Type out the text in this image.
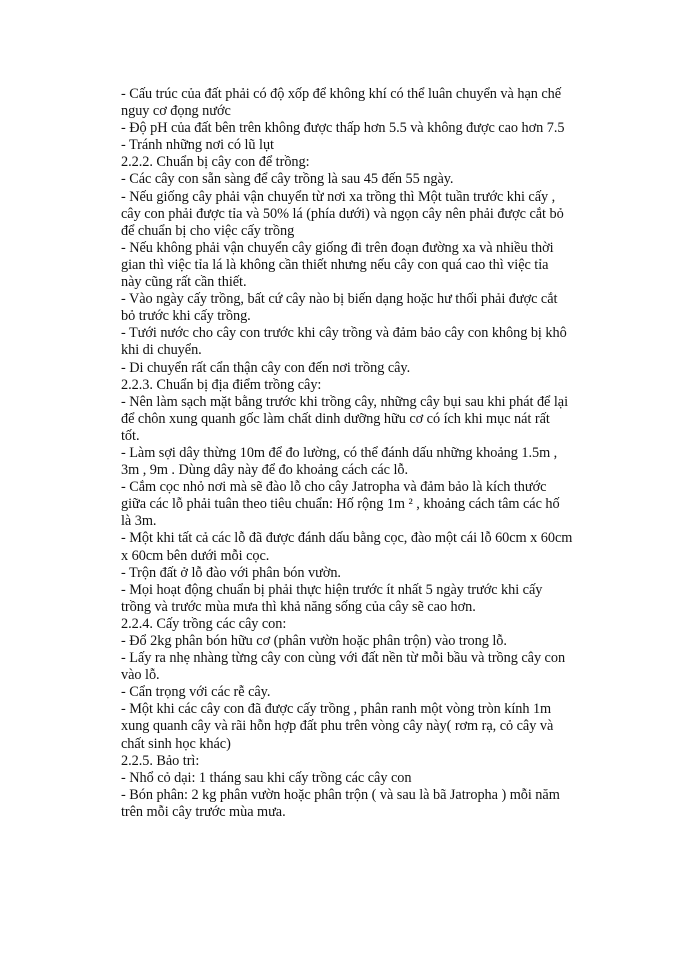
- Cấu trúc của đất phải có độ xốp để không khí có thể luân chuyển và hạn chế
nguy cơ đọng nước
- Độ pH của đất bên trên không được thấp hơn 5.5 và không được cao hơn 7.5
- Tránh những nơi có lũ lụt
2.2.2. Chuẩn bị cây con để trồng:
- Các cây con sẵn sàng để cây trồng là sau 45 đến 55 ngày.
- Nếu giống cây phải vận chuyển từ nơi xa trồng thì Một tuần trước khi cấy ,
cây con phải được tỉa và 50% lá (phía dưới) và ngọn cây nên phải được cắt bỏ
để chuẩn bị cho việc cấy trồng
- Nếu không phải vận chuyển cây giống đi trên đoạn đường xa và nhiều thời
gian thì việc tỉa lá là không cần thiết nhưng nếu cây con quá cao thì việc tỉa
này cũng rất cần thiết.
- Vào ngày cấy trồng, bất cứ cây nào bị biến dạng hoặc hư thối phải được cắt
bỏ trước khi cấy trồng.
- Tưới nước cho cây con trước khi cây trồng và đảm bảo cây con không bị khô
khi di chuyển.
- Di chuyển rất cẩn thận cây con đến nơi trồng cây.
2.2.3. Chuẩn bị địa điểm trồng cây:
- Nên làm sạch mặt bằng trước khi trồng cây, những cây bụi sau khi phát để lại
để chôn xung quanh gốc làm chất dinh dưỡng hữu cơ có ích khi mục nát rất
tốt.
- Làm sợi dây thừng 10m để đo lường, có thể đánh dấu những khoảng 1.5m ,
3m , 9m . Dùng dây này để đo khoảng cách các lỗ.
- Cắm cọc nhỏ nơi mà sẽ đào lỗ cho cây Jatropha và đảm bảo là kích thước
giữa các lỗ phải tuân theo tiêu chuẩn: Hố rộng 1m ² , khoảng cách tâm các hố
là 3m.
- Một khi tất cả các lỗ đã được đánh dấu bằng cọc, đào một cái lỗ 60cm x 60cm
x 60cm bên dưới mỗi cọc.
- Trộn đất ở lỗ đào với phân bón vườn.
- Mọi hoạt động chuẩn bị phải thực hiện trước ít nhất 5 ngày trước khi cấy
trồng và trước mùa mưa thì khả năng sống của cây sẽ cao hơn.
2.2.4. Cấy trồng các cây con:
- Đổ 2kg phân bón hữu cơ (phân vườn hoặc phân trộn) vào trong lỗ.
- Lấy ra nhẹ nhàng từng cây con cùng với đất nền từ mỗi bầu và trồng cây con
vào lỗ.
- Cẩn trọng với các rễ cây.
- Một khi các cây con đã được cấy trồng , phân ranh một vòng tròn kính 1m
xung quanh cây và rãi hỗn hợp đất phu trên vòng cây này( rơm rạ, cỏ cây và
chất sinh học khác)
2.2.5. Bảo trì:
- Nhổ cỏ dại: 1 tháng sau khi cấy trồng các cây con
- Bón phân: 2 kg phân vườn hoặc phân trộn ( và sau là bã Jatropha ) mỗi năm
trên mỗi cây trước mùa mưa.
